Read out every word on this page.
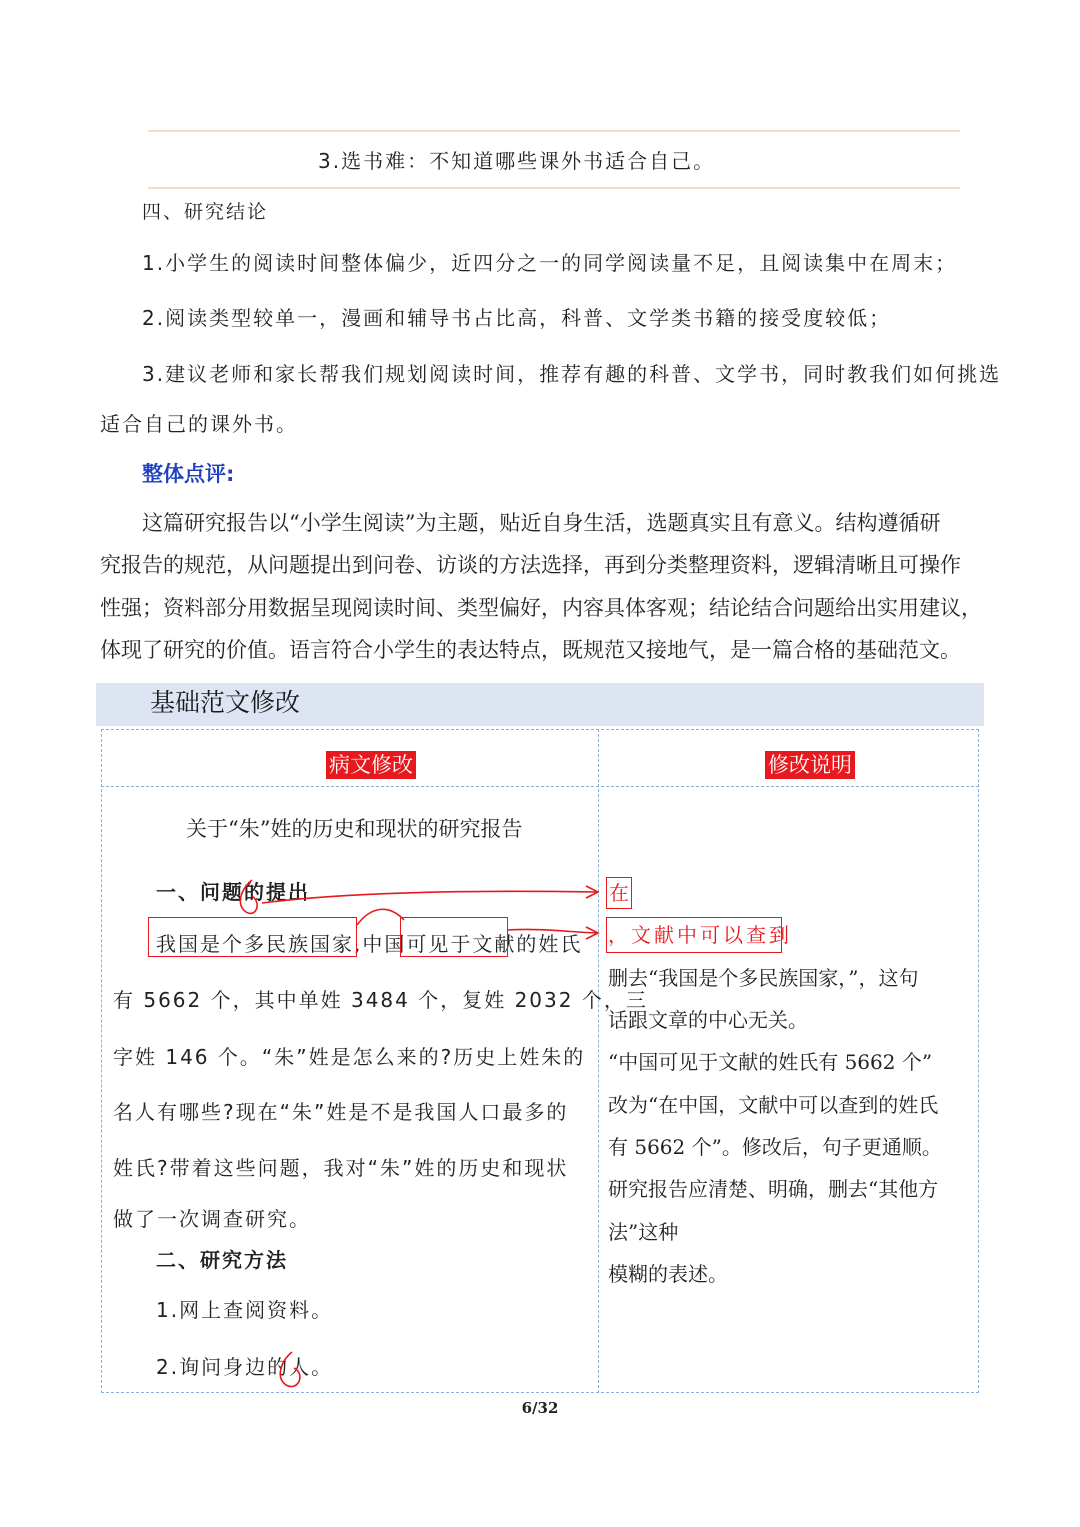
3.选书难：不知道哪些课外书适合自己。
四、研究结论
1.小学生的阅读时间整体偏少，近四分之一的同学阅读量不足，且阅读集中在周末；
2.阅读类型较单一，漫画和辅导书占比高，科普、文学类书籍的接受度较低；
3.建议老师和家长帮我们规划阅读时间，推荐有趣的科普、文学书，同时教我们如何挑选
适合自己的课外书。
整体点评:
这篇研究报告以“小学生阅读”为主题，贴近自身生活，选题真实且有意义。结构遵循研
究报告的规范，从问题提出到问卷、访谈的方法选择，再到分类整理资料，逻辑清晰且可操作
性强；资料部分用数据呈现阅读时间、类型偏好，内容具体客观；结论结合问题给出实用建议，
体现了研究的价值。语言符合小学生的表达特点，既规范又接地气，是一篇合格的基础范文。
基础范文修改
病文修改	修改说明
关于“朱”姓的历史和现状的研究报告
一、问题的提出
我国是个多民族国家,中国可见于文献的姓氏
有 5662 个，其中单姓 3484 个，复姓 2032 个，三
字姓 146 个。“朱”姓是怎么来的?历史上姓朱的
名人有哪些?现在“朱”姓是不是我国人口最多的
姓氏?带着这些问题，我对“朱”姓的历史和现状
做了一次调查研究。
二、研究方法
1.网上查阅资料。
2.询问身边的人。
在
，文献中可以查到
删去“我国是个多民族国家，”，这句
话跟文章的中心无关。
“中国可见于文献的姓氏有 5662 个”
改为“在中国，文献中可以查到的姓氏
有 5662 个”。修改后，句子更通顺。
研究报告应清楚、明确，删去“其他方
法”这种
模糊的表述。
6/32
